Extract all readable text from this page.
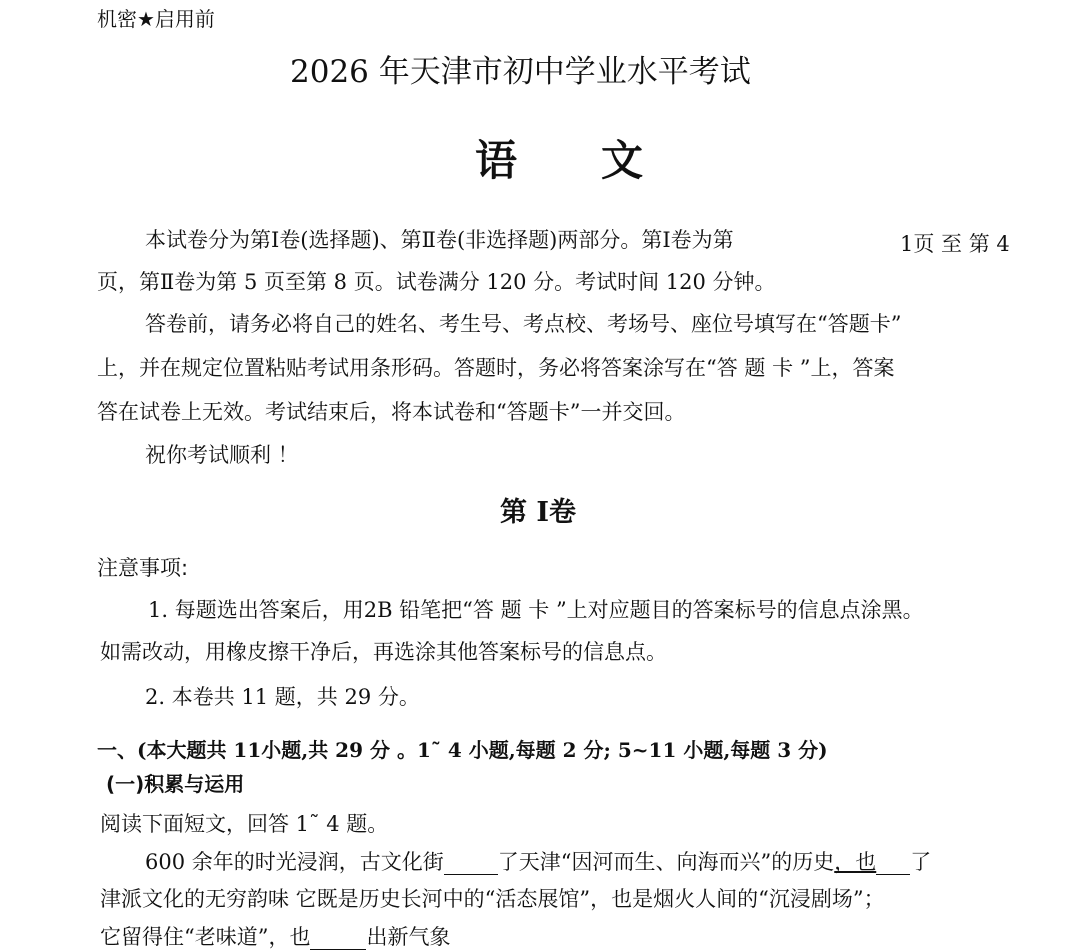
机密★启用前
2026 年天津市初中学业水平考试
语　　文
本试卷分为第Ⅰ卷(选择题)、第Ⅱ卷(非选择题)两部分。第Ⅰ卷为第	1页 至 第 4
页，第Ⅱ卷为第 5 页至第 8 页。试卷满分 120 分。考试时间 120 分钟。
答卷前，请务必将自己的姓名、考生号、考点校、考场号、座位号填写在“答题卡”
上，并在规定位置粘贴考试用条形码。答题时，务必将答案涂写在“答 题 卡 ”上，答案
答在试卷上无效。考试结束后，将本试卷和“答题卡”一并交回。
祝你考试顺利 ！
第 Ⅰ卷
注意事项:
1. 每题选出答案后，用2B 铅笔把“答 题 卡 ”上对应题目的答案标号的信息点涂黑。
如需改动，用橡皮擦干净后，再选涂其他答案标号的信息点。
2. 本卷共 11 题，共 29 分。
一、(本大题共 11小题,共 29 分 。1˜ 4 小题,每题 2 分; 5~11 小题,每题 3 分)
(一)积累与运用
阅读下面短文，回答 1˜ 4 题。
600 余年的时光浸润，古文化街	了天津“因河而生、向海而兴”的历史，也 了
津派文化的无穷韵味 它既是历史长河中的“活态展馆”，也是烟火人间的“沉浸剧场”；
它留得住“老味道”，也	出新气象
